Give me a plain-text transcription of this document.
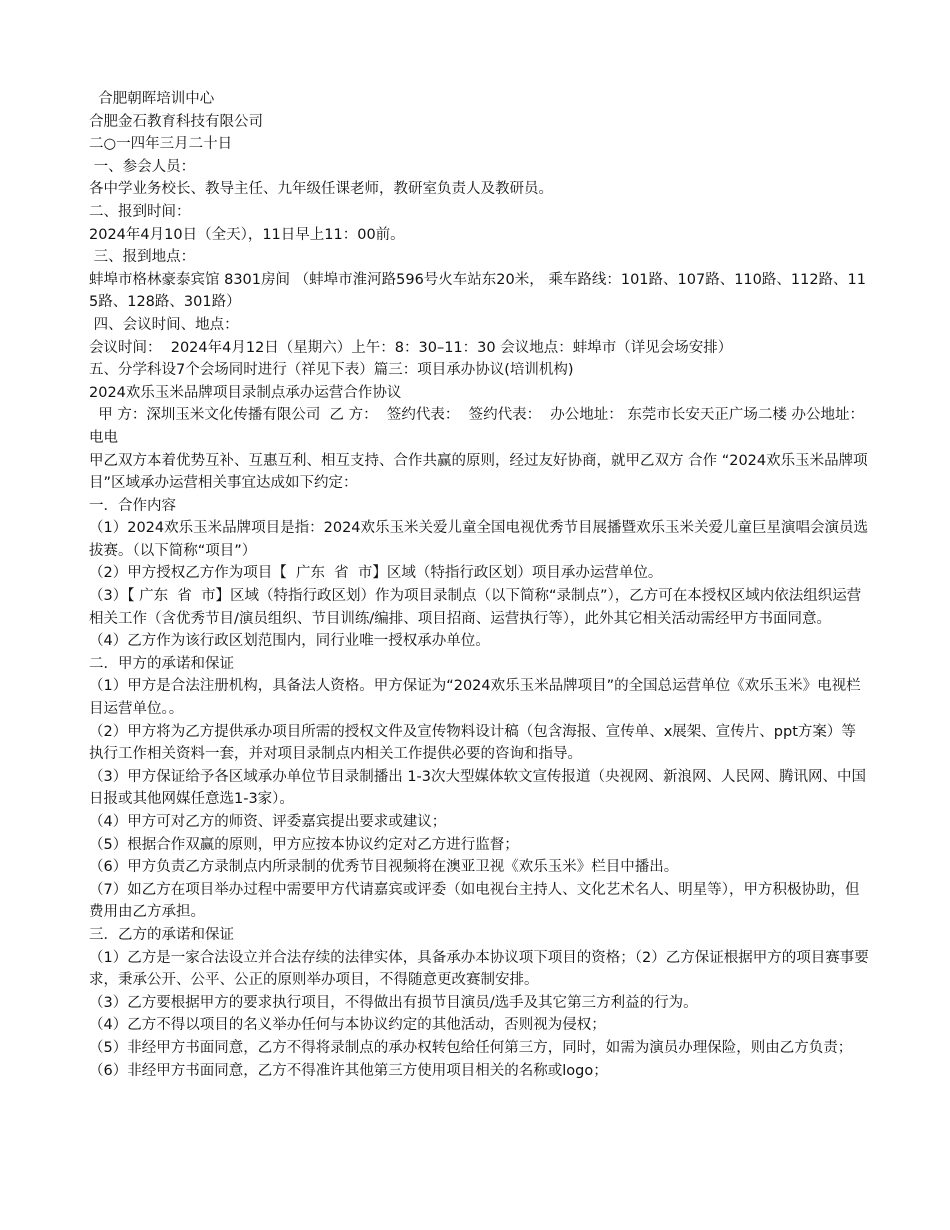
合肥朝晖培训中心
合肥金石教育科技有限公司
二○一四年三月二十日
一、参会人员：
各中学业务校长、教导主任、九年级任课老师，教研室负责人及教研员。
二、报到时间：
2024年4月10日（全天），11日早上11：00前。
三、报到地点：
蚌埠市格林豪泰宾馆 8301房间 （蚌埠市淮河路596号火车站东20米， 乘车路线：101路、107路、110路、112路、115路、128路、301路）
四、会议时间、地点：
会议时间：  2024年4月12日（星期六）上午：8：30–11：30 会议地点：蚌埠市（详见会场安排）
五、分学科设7个会场同时进行（祥见下表）篇三：项目承办协议(培训机构)
2024欢乐玉米品牌项目录制点承办运营合作协议
甲 方：深圳玉米文化传播有限公司  乙 方：  签约代表：  签约代表：  办公地址： 东莞市长安天正广场二楼 办公地址：电电
甲乙双方本着优势互补、互惠互利、相互支持、合作共赢的原则，经过友好协商，就甲乙双方 合作 “2024欢乐玉米品牌项目”区域承办运营相关事宜达成如下约定：
一．合作内容
（1）2024欢乐玉米品牌项目是指：2024欢乐玉米关爱儿童全国电视优秀节目展播暨欢乐玉米关爱儿童巨星演唱会演员选拔赛。（以下简称“项目”）
（2）甲方授权乙方作为项目【  广东  省  市】区域（特指行政区划）项目承办运营单位。
（3）【 广东  省  市】区域（特指行政区划）作为项目录制点（以下简称“录制点”），乙方可在本授权区域内依法组织运营相关工作（含优秀节目/演员组织、节目训练/编排、项目招商、运营执行等），此外其它相关活动需经甲方书面同意。
（4）乙方作为该行政区划范围内，同行业唯一授权承办单位。
二．甲方的承诺和保证
（1）甲方是合法注册机构，具备法人资格。甲方保证为“2024欢乐玉米品牌项目”的全国总运营单位《欢乐玉米》电视栏目运营单位。。
（2）甲方将为乙方提供承办项目所需的授权文件及宣传物料设计稿（包含海报、宣传单、x展架、宣传片、ppt方案）等执行工作相关资料一套，并对项目录制点内相关工作提供必要的咨询和指导。
（3）甲方保证给予各区域承办单位节目录制播出 1-3次大型媒体软文宣传报道（央视网、新浪网、人民网、腾讯网、中国日报或其他网媒任意选1-3家）。
（4）甲方可对乙方的师资、评委嘉宾提出要求或建议；
（5）根据合作双赢的原则，甲方应按本协议约定对乙方进行监督；
（6）甲方负责乙方录制点内所录制的优秀节目视频将在澳亚卫视《欢乐玉米》栏目中播出。
（7）如乙方在项目举办过程中需要甲方代请嘉宾或评委（如电视台主持人、文化艺术名人、明星等），甲方积极协助，但费用由乙方承担。
三．乙方的承诺和保证
（1）乙方是一家合法设立并合法存续的法律实体，具备承办本协议项下项目的资格；（2）乙方保证根据甲方的项目赛事要求，秉承公开、公平、公正的原则举办项目，不得随意更改赛制安排。
（3）乙方要根据甲方的要求执行项目，不得做出有损节目演员/选手及其它第三方利益的行为。
（4）乙方不得以项目的名义举办任何与本协议约定的其他活动，否则视为侵权；
（5）非经甲方书面同意，乙方不得将录制点的承办权转包给任何第三方，同时，如需为演员办理保险，则由乙方负责；
（6）非经甲方书面同意，乙方不得准许其他第三方使用项目相关的名称或logo；
